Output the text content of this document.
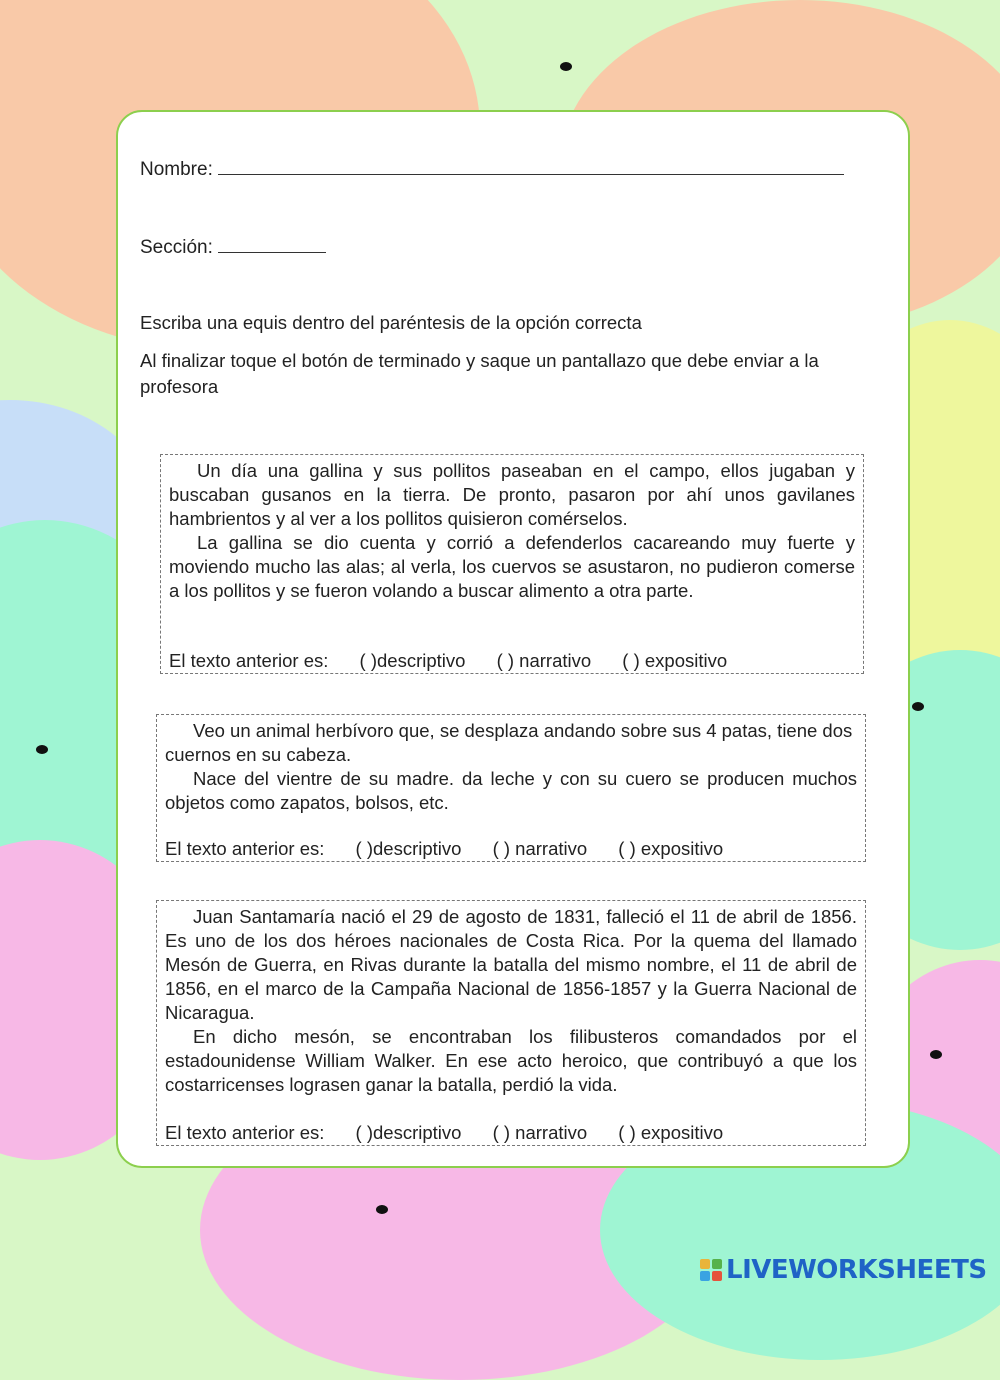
Nombre:
Sección:
Escriba una equis dentro del paréntesis de la opción correcta
Al finalizar toque el botón de terminado y saque un pantallazo que debe enviar a la profesora

Un día una gallina y sus pollitos paseaban en el campo, ellos jugaban y buscaban gusanos en la tierra. De pronto, pasaron por ahí unos gavilanes hambrientos y al ver a los pollitos quisieron comérselos.

La gallina se dio cuenta y corrió a defenderlos cacareando muy fuerte y moviendo mucho las alas; al verla, los cuervos se asustaron, no pudieron comerse a los pollitos y se fueron volando a buscar alimento a otra parte.

El texto anterior es: ( )descriptivo ( ) narrativo ( ) expositivo

Veo un animal herbívoro que, se desplaza andando sobre sus 4 patas, tiene dos cuernos en su cabeza.

Nace del vientre de su madre. da leche y con su cuero se producen muchos objetos como zapatos, bolsos, etc.

El texto anterior es: ( )descriptivo ( ) narrativo ( ) expositivo

Juan Santamaría nació el 29 de agosto de 1831, falleció el 11 de abril de 1856. Es uno de los dos héroes nacionales de Costa Rica. Por la quema del llamado Mesón de Guerra, en Rivas durante la batalla del mismo nombre, el 11 de abril de 1856, en el marco de la Campaña Nacional de 1856-1857 y la Guerra Nacional de Nicaragua.

En dicho mesón, se encontraban los filibusteros comandados por el estadounidense William Walker. En ese acto heroico, que contribuyó a que los costarricenses lograsen ganar la batalla, perdió la vida.

El texto anterior es: ( )descriptivo ( ) narrativo ( ) expositivo
LIVEWORKSHEETS
